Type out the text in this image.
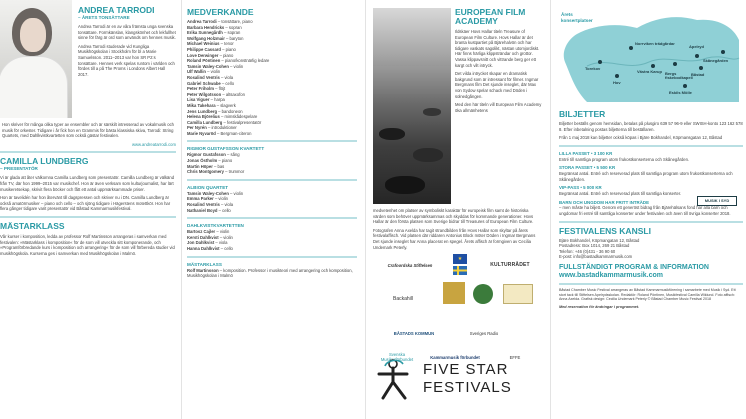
ANDREA TARRODI
– ÅRETS TONSÄTTARE

Andrea Tarrodi är en av våra främsta unga svenska tonsättare. Formkänslan, klangskönhet och lekfullhet sinne för färg är ord som används om hennes musik.

Andrea Tarrodi studerade vid Kungliga Musikhögskolan i Stockholm för bl a Marie Samuelsson. 2011–2013 var hon SR P2:s tonsättare. Hennes verk spelas runtom i världen och fördes till a på The Proms i Londons Albert Hall 2017.

Hon skriver för många olika typer av ensembler och är särskilt intresserad av vokalmusik och musik för orkester. Tidigare i år fick hon en Grammis för bästa klassiska skiva, Tarrodi: String Quartets, med Dahlkvistkvartetten som också gästar festivalen.

www.andreatarrodi.com
CAMILLA LUNDBERG
– PRESENTATÖR

Vi är glada att åter välkomna Camilla Lundberg som presentatör. Camilla Lundberg är välkänd från TV, där hon 1999–2015 var musikchef. Hon är även verksam som kulturjournalist, har lärt musikeretsekap, skrivit flera böcker och fått ett antal uppmärksammade priser.

Hon är tavelidén har hon återvänt till dagspressen och skriver nu i DN. Camilla Lundberg är också amatörmusiker – piano och cello – och sjöng tidigare i Hägerstens motettkör. Hon har flera gånger tidigare varit presentatör vid Båstad Kammarmusikfestival.

MÄSTARKLASS

Vår kurser i komposition, ledda av professor Rolf Martinsson arrangeras i samverkan med festivalen: »Mästarklass i komposition« för de som vill utveckla sitt komponerande, och »Programförbredande kurs i komposition och arrangering« för de som vill förbereda studier vid musikhögskola. Kurserna ges i samverkan med Musikhögskolan i Malmö.

MEDVERKANDE
Andrea Tarrodi – tonsättare, piano
Barbara Hendricks – sopran
Erika Sunnegårdh – sopran
Wolfgang Holzmair – baryton
Michael Weinius – tenor
Philippe Cassard – piano
Love Derwinger – piano
Roland Pöntinen – piano/konstnärlig ledare
Tamsin Waley-Cohen – violin
Ulf Wallin – violin
Rosalind Ventris – viola
Gabriel Schwabe – cello
Peter Friholm – flöjt
Peter Wilgotsson – altsaxofon
Lisa Viguer – harpa
Mika Takehara – slagverk
Jens Lundberg – bandoneon
Helena Björelius – mimskådespelare
Camilla Lundberg – festivalpresentatör
Per Nyrén – introduktioner
Marie Nyvaröd – Bergman-citeron
RIGMOR GUSTAFSSON KVARTETT
Rigmor Gustafsson – sång
Jonas Östholm – piano
Martin Höper – bas
Chris Montgomery – trummor
ALBION QUARTET
Tamsin Waley-Cohen – violin
Emma Parker – violin
Rosalind Ventris – viola
Nathaniel Boyd – cello
DAHLKVISTKVARTETTEN
Bartosz Cajler – violin
Kersti Dahlkvist – violin
Jon Dahlkvist – viola
Hanna Dahlkvist – cello
MÄSTARKLASS
Rolf Martinsson – komposition. Professor i musikteori med arrangering och komposition, Musikhögskolan i Malmö
EUROPEAN FILM
ACADEMY

Ildskäer Hovs Hallar titeln Treasure of European Film Culture. Hovs Hallar är det branta kustpartiet på Bjärehalvön och har tidigare vaskats sagolikt, nästan utomjordiskt. Här finns härliga klippsträndar och grottor. Vassa klippavsnitt och vittrande berg ger ett kargt och vilt intryck.

Det vilda intrycket skapar en dramatisk bakgrund som är intressant för filmer. Ingmar Bergmans film Det sjunde inseglet, där Max von Sydow spelar schack med Döden i solnedgången.

Med den här titeln vill European Film Academy öka allmänhetens

medvetenhet om platser av symboliskt karaktär för europeisk film samt de historiska värden som behöver uppmärksammas och skyddas för kommande generationer. Hovs Hallar är den första platsen som Sverige bidrar till Treasures of European Film Culture.

Fotografen Anna Axelda har tagit strandbilden från Hovs Hallar som skyltar på årets festivalaffisch. Vid platsen där riddaren Antonius Block möter Döden i Ingmar Bergmans Det sjunde inseglet har Anna placerat en spegel. Årets affisch är formgiven av Cecilia Undemark Peterly.

Crafoordska Stiftelsen
★
KULTURRÅDET
Backahill
BÅSTADS KOMMUN	Sveriges Radio
Svenska Musikerförbundet	Kammarmusik förbundet	EFFE
FIVE STAR
FESTIVALS
Årets konsertplatser
Norrviken trädgårdar
Apelryd
Skånegården
Torekov
Båstad
Västra Karup
Hov
Eskils Mölle
Bergs fiskebodkapell
BILJETTER

Biljetter beställs genom hemsidan, betalas på plusgiro 639 57 96-9 eller SWISH-konto 123 162 578 8. Efter inbetalning postas biljetterna till beställaren.

Från 1 maj 2018 kan biljetter också köpas i Bjäre Bokhandel, Köpmansgatan 12, Båstad

LILLA PASSET • 3 100 KR

Entré till samtliga program utom frukostkonserterna och Skånegården.

STORA PASSET • 5 500 KR

Begränsat antal. Entré och reserverad plats till samtliga program utom frukostkonserterna och Skånegården.

VIP-PASS • 5 000 KR

Begränsat antal. Entré och reserverad plats till samtliga konserter.

BARN OCH UNGDOM HAR FRITT INTRÄDE

– men måste ha biljett. Genom ett generöst bidrag från Bjärehälsans fond har alla barn och ungdomar fri entré till samtliga konserter under festivalen och även till övriga konserter 2018.

FESTIVALENS KANSLI
Bjäre Bokhandel, Köpmangatan 12, Båstad
Postadress: Box 1014, 269 21 Båstad
Telefon: +46 (0)431 - 36 90 60
E-post: info@bastadkammarmusik.com
FULLSTÄNDIGT PROGRAM & INFORMATION
www.bastadkammarmusik.com

Båstad Chamber Music Festival arrangeras av Båstad Kammarmusikförening i samarbete med Musik i Syd. Ett stort tack till Stiftelsen Apelrydsskolan. Redaktör: Roland Pöntinen, Musikfestival Camilla Wiklund. Foto affisch: Anna Axelda. Grafisk design: Cecilia Undemark Peterly © Båstad Chamber Music Festival 2018

Med reservation för ändringar i programmet.
MUSIK I SYD
